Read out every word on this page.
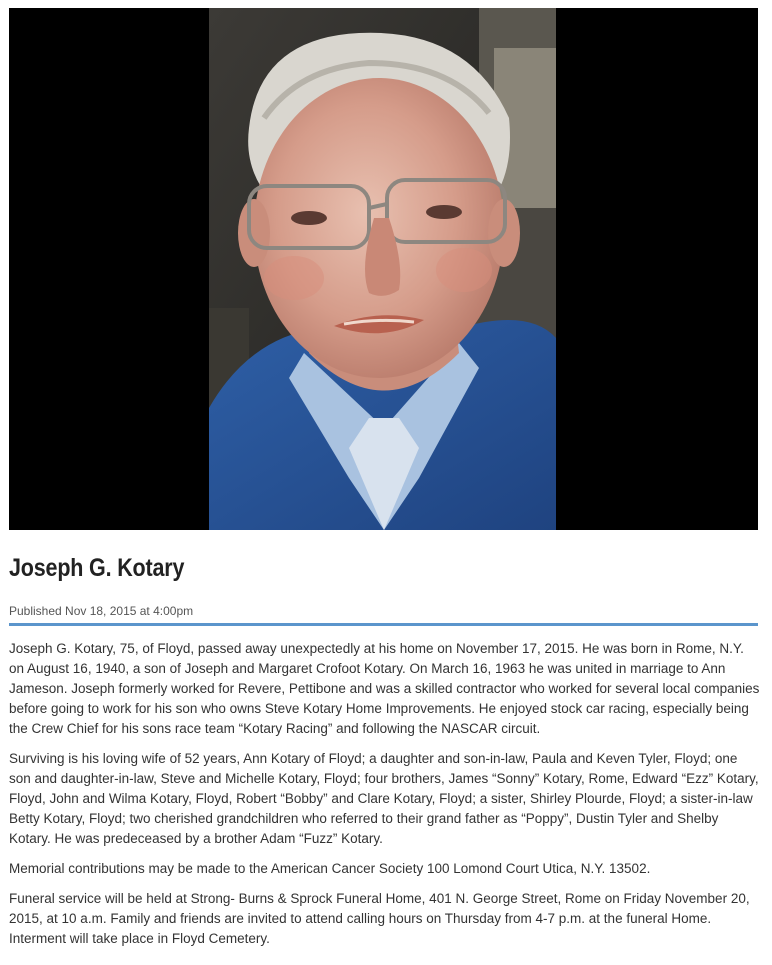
Joseph G. Kotary
Published Nov 18, 2015 at 4:00pm

Joseph G. Kotary, 75, of Floyd, passed away unexpectedly at his home on November 17, 2015. He was born in Rome, N.Y. on August 16, 1940, a son of Joseph and Margaret Crofoot Kotary. On March 16, 1963 he was united in marriage to Ann Jameson. Joseph formerly worked for Revere, Pettibone and was a skilled contractor who worked for several local companies before going to work for his son who owns Steve Kotary Home Improvements. He enjoyed stock car racing, especially being the Crew Chief for his sons race team “Kotary Racing” and following the NASCAR circuit.

Surviving is his loving wife of 52 years, Ann Kotary of Floyd; a daughter and son-in-law, Paula and Keven Tyler, Floyd; one son and daughter-in-law, Steve and Michelle Kotary, Floyd; four brothers, James “Sonny” Kotary, Rome, Edward “Ezz” Kotary, Floyd, John and Wilma Kotary, Floyd, Robert “Bobby” and Clare Kotary, Floyd; a sister, Shirley Plourde, Floyd; a sister-in-law Betty Kotary, Floyd; two cherished grandchildren who referred to their grand father as “Poppy”, Dustin Tyler and Shelby Kotary. He was predeceased by a brother Adam “Fuzz” Kotary.

Memorial contributions may be made to the American Cancer Society 100 Lomond Court Utica, N.Y. 13502.

Funeral service will be held at Strong- Burns & Sprock Funeral Home, 401 N. George Street, Rome on Friday November 20, 2015, at 10 a.m. Family and friends are invited to attend calling hours on Thursday from 4-7 p.m. at the funeral Home. Interment will take place in Floyd Cemetery.
